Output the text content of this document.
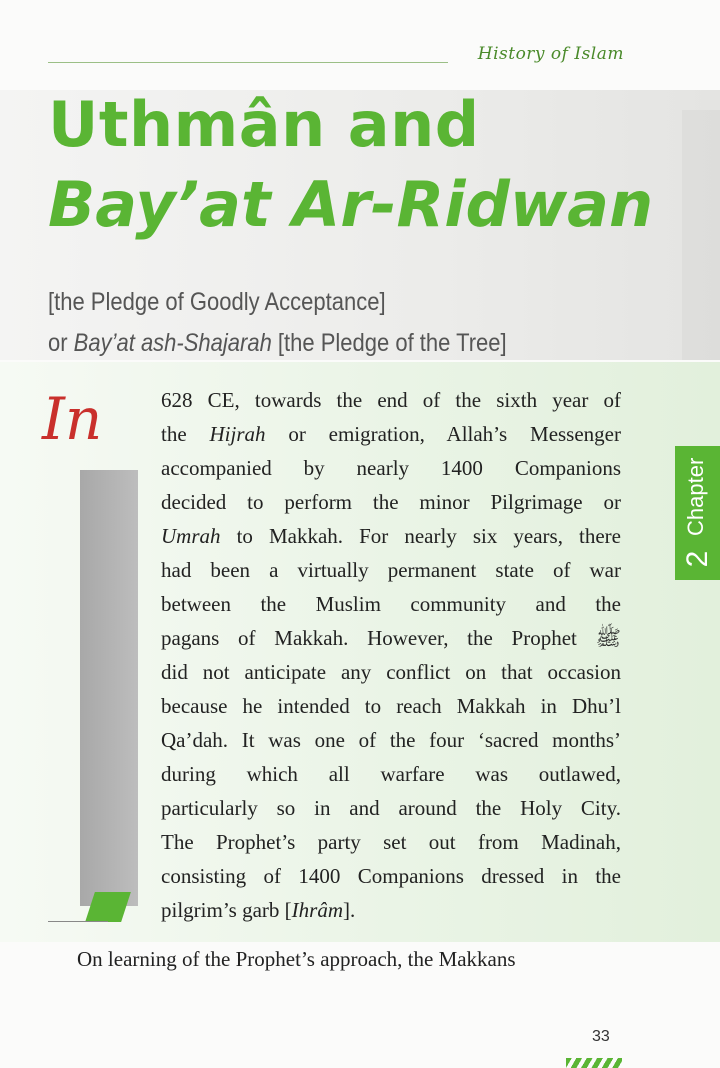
History of Islam
Uthmân and
Bay’at Ar-Ridwan
[the Pledge of Goodly Acceptance]
or Bay’at ash-Shajarah [the Pledge of the Tree]
In	628 CE, towards the end of the sixth year of
the Hijrah or emigration, Allah’s Messenger
accompanied by nearly 1400 Companions
decided to perform the minor Pilgrimage or
Umrah to Makkah. For nearly six years, there
had been a virtually permanent state of war
between the Muslim community and the
pagans of Makkah. However, the Prophet ﷺ
did not anticipate any conflict on that occasion
because he intended to reach Makkah in Dhu’l
Qa’dah. It was one of the four ‘sacred months’
during which all warfare was outlawed,
particularly so in and around the Holy City.
The Prophet’s party set out from Madinah,
consisting of 1400 Companions dressed in the
pilgrim’s garb [Ihrâm].
On learning of the Prophet’s approach, the Makkans
Chapter
2
33
